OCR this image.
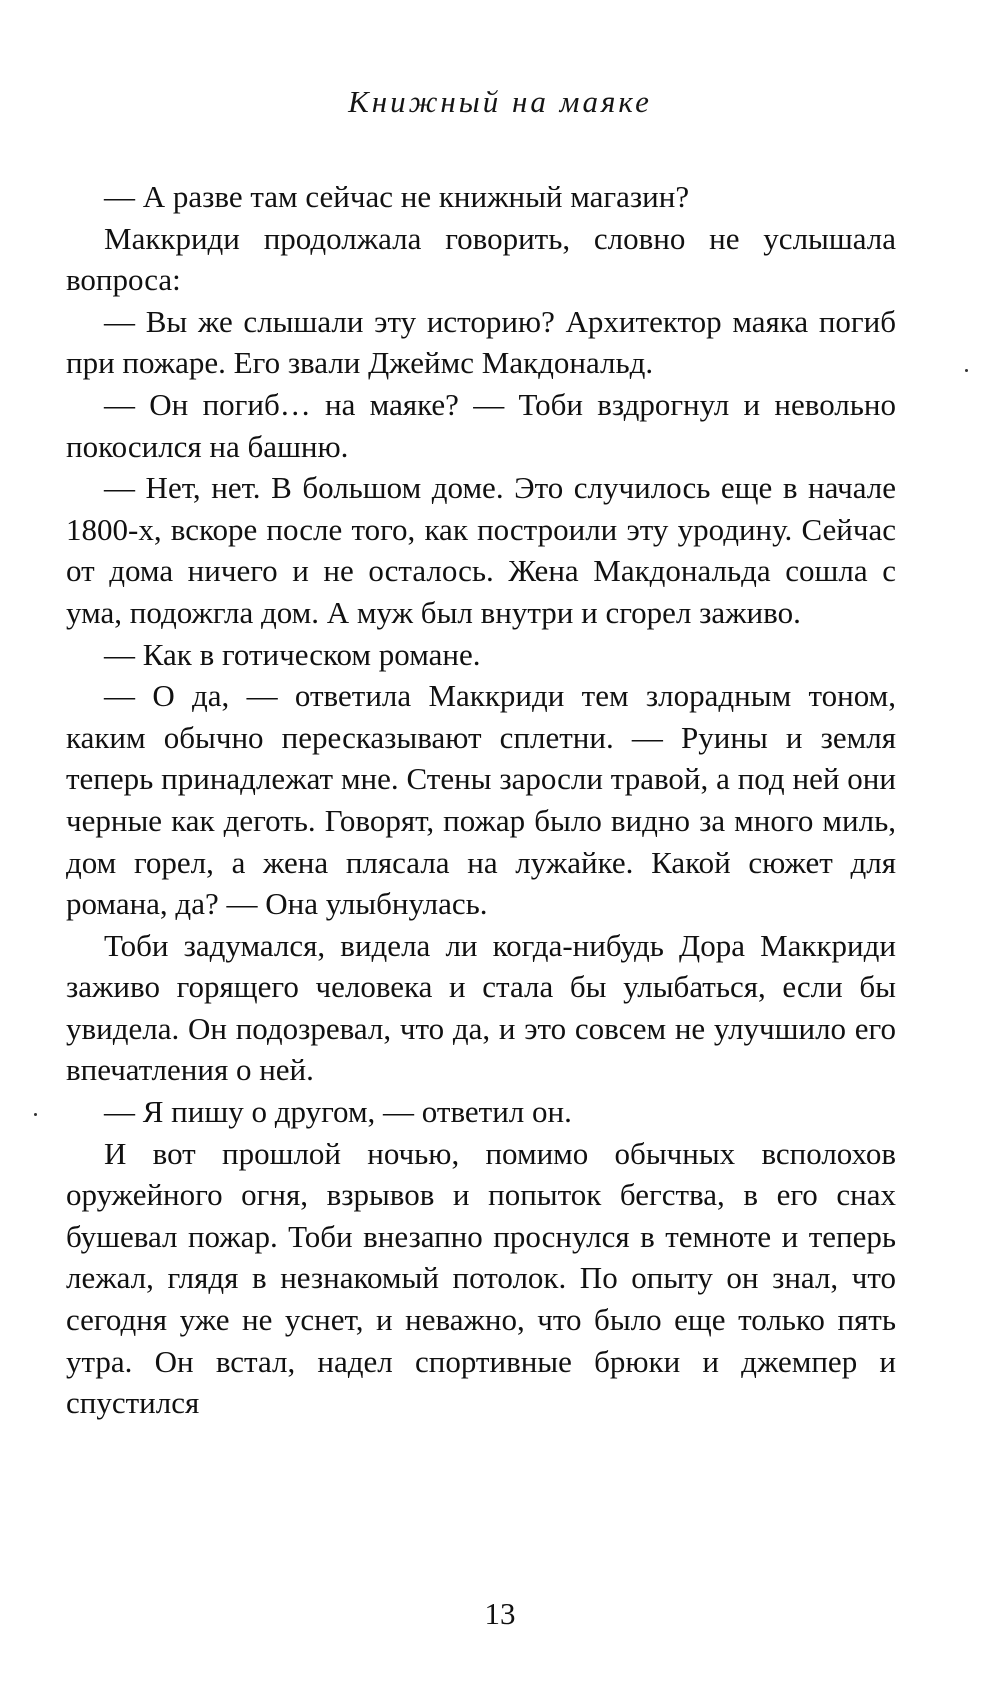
Книжный на маяке

— А разве там сейчас не книжный магазин?

Маккриди продолжала говорить, словно не услышала вопроса:

— Вы же слышали эту историю? Архитектор маяка погиб при пожаре. Его звали Джеймс Макдональд.

— Он погиб… на маяке? — Тоби вздрогнул и невольно покосился на башню.

— Нет, нет. В большом доме. Это случилось еще в начале 1800-х, вскоре после того, как построили эту уродину. Сейчас от дома ничего и не осталось. Жена Макдональда сошла с ума, подожгла дом. А муж был внутри и сгорел заживо.

— Как в готическом романе.

— О да, — ответила Маккриди тем злорадным тоном, каким обычно пересказывают сплетни. — Руины и земля теперь принадлежат мне. Стены заросли травой, а под ней они черные как деготь. Говорят, пожар было видно за много миль, дом горел, а жена плясала на лужайке. Какой сюжет для романа, да? — Она улыбнулась.

Тоби задумался, видела ли когда-нибудь Дора Маккриди заживо горящего человека и стала бы улыбаться, если бы увидела. Он подозревал, что да, и это совсем не улучшило его впечатления о ней.

— Я пишу о другом, — ответил он.

И вот прошлой ночью, помимо обычных всполохов оружейного огня, взрывов и попыток бегства, в его снах бушевал пожар. Тоби внезапно проснулся в темноте и теперь лежал, глядя в незнакомый потолок. По опыту он знал, что сегодня уже не уснет, и неважно, что было еще только пять утра. Он встал, надел спортивные брюки и джемпер и спустился

13
